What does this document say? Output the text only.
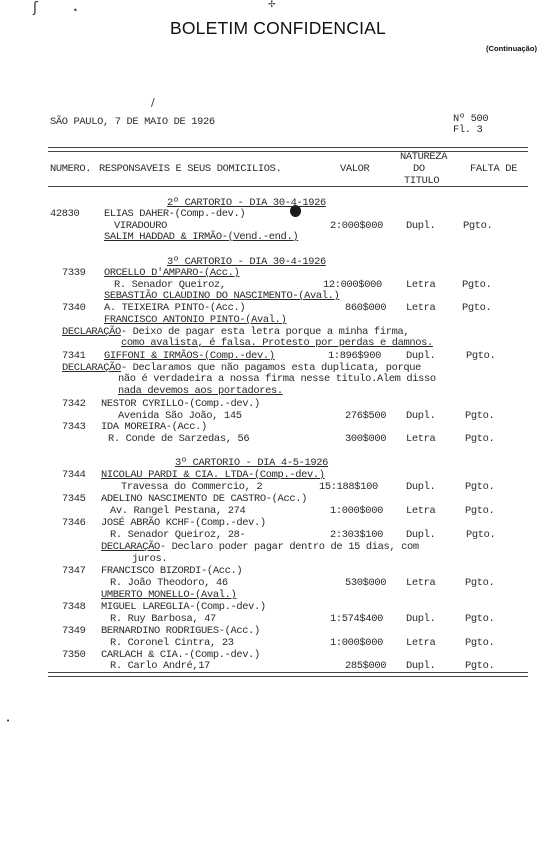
ʃ	•
✢
/
•
BOLETIM CONFIDENCIAL
(Continuação)
SÃO PAULO, 7 DE MAIO DE 1926	Nº 500
Fl. 3
NUMERO. RESPONSAVEIS E SEUS DOMICILIOS.	VALOR
NATUREZA
DO
TITULO
FALTA DE
2º CARTORIO - DIA 30-4-1926
42830 ELIAS DAHER-(Comp.-dev.)
VIRADOURO	2:000$000 Dupl.	Pgto.
SALIM HADDAD & IRMÃO-(Vend.-end.)
3º CARTORIO - DIA 30-4-1926
7339 ORCELLO D'AMPARO-(Acc.)
R. Senador Queiroz,	12:000$000 Letra	Pgto.
SEBASTIÃO CLAUDINO DO NASCIMENTO-(Aval.)
7340 A. TEIXEIRA PINTO-(Acc.)	860$000 Letra	Pgto.
FRANCISCO ANTONIO PINTO-(Aval.)
DECLARAÇÃO- Deixo de pagar esta letra porque a minha firma,
como avalista, é falsa. Protesto por perdas e damnos.
7341 GIFFONI & IRMÃOS-(Comp.-dev.)	1:896$900 Dupl.	Pgto.
DECLARAÇÃO- Declaramos que não pagamos esta duplicata, porque
não é verdadeira a nossa firma nesse titulo.Alem disso
nada devemos aos portadores.
7342 NESTOR CYRILLO-(Comp.-dev.)
Avenida São João, 145	276$500 Dupl.	Pgto.
7343 IDA MOREIRA-(Acc.)
R. Conde de Sarzedas, 56	300$000 Letra	Pgto.
3º CARTORIO - DIA 4-5-1926
7344 NICOLAU PARDI & CIA. LTDA-(Comp.-dev.)
Travessa do Commercio, 2	15:188$100	Dupl.	Pgto.
7345 ADELINO NASCIMENTO DE CASTRO-(Acc.)
Av. Rangel Pestana, 274	1:000$000 Letra	Pgto.
7346 JOSÉ ABRÃO KCHF-(Comp.-dev.)
R. Senador Queiroz, 28-	2:303$100 Dupl.	Pgto.
DECLARAÇÃO- Declaro poder pagar dentro de 15 dias, com
juros.
7347 FRANCISCO BIZORDI-(Acc.)
R. João Theodoro, 46	530$000 Letra	Pgto.
UMBERTO MONELLO-(Aval.)
7348 MIGUEL LAREGLIA-(Comp.-dev.)
R. Ruy Barbosa, 47	1:574$400 Dupl.	Pgto.
7349 BERNARDINO RODRIGUES-(Acc.)
R. Coronel Cintra, 23	1:000$000 Letra	Pgto.
7350 CARLACH & CIA.-(Comp.-dev.)
R. Carlo André,17	285$000 Dupl.	Pgto.
